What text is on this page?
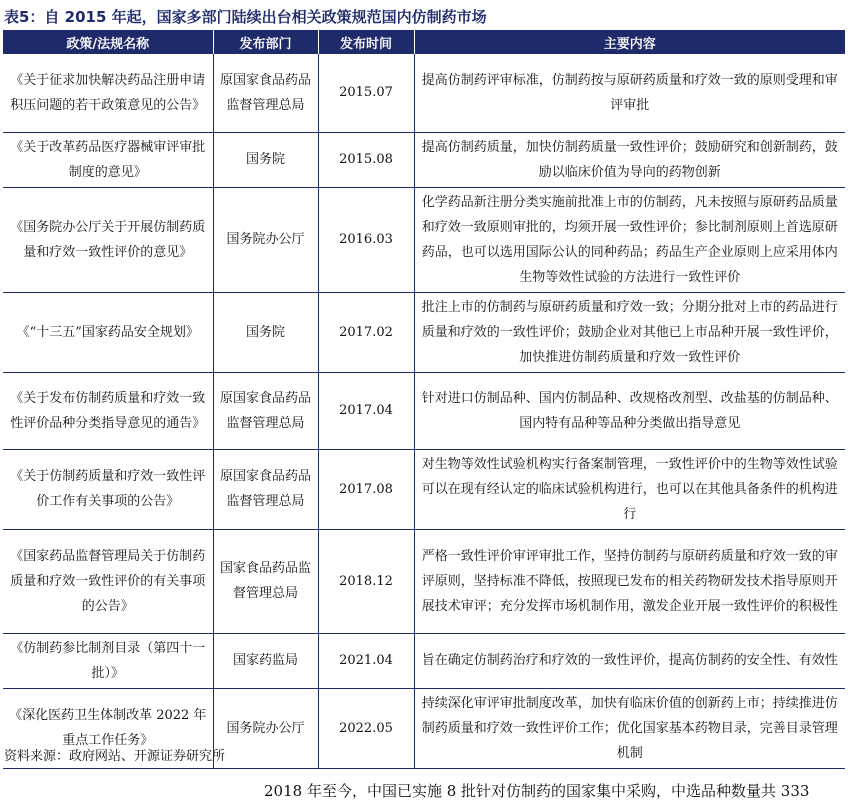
表5：自 2015 年起，国家多部门陆续出台相关政策规范国内仿制药市场
政策/法规名称	发布部门	发布时间	主要内容
《关于征求加快解决药品注册申请积压问题的若干政策意见的公告》	原国家食品药品监督管理总局	2015.07	提高仿制药评审标准，仿制药按与原研药质量和疗效一致的原则受理和审评审批
《关于改革药品医疗器械审评审批制度的意见》	国务院	2015.08	提高仿制药质量，加快仿制药质量一致性评价；鼓励研究和创新制药，鼓励以临床价值为导向的药物创新
《国务院办公厅关于开展仿制药质量和疗效一致性评价的意见》	国务院办公厅	2016.03	化学药品新注册分类实施前批准上市的仿制药，凡未按照与原研药品质量和疗效一致原则审批的，均须开展一致性评价；参比制剂原则上首选原研药品，也可以选用国际公认的同种药品；药品生产企业原则上应采用体内生物等效性试验的方法进行一致性评价
《“十三五”国家药品安全规划》	国务院	2017.02	批注上市的仿制药与原研药质量和疗效一致；分期分批对上市的药品进行质量和疗效的一致性评价；鼓励企业对其他已上市品种开展一致性评价，加快推进仿制药质量和疗效一致性评价
《关于发布仿制药质量和疗效一致性评价品种分类指导意见的通告》	原国家食品药品监督管理总局	2017.04	针对进口仿制品种、国内仿制品种、改规格改剂型、改盐基的仿制品种、国内特有品种等品种分类做出指导意见
《关于仿制药质量和疗效一致性评价工作有关事项的公告》	原国家食品药品监督管理总局	2017.08	对生物等效性试验机构实行备案制管理，一致性评价中的生物等效性试验可以在现有经认定的临床试验机构进行，也可以在其他具备条件的机构进行
《国家药品监督管理局关于仿制药质量和疗效一致性评价的有关事项的公告》	国家食品药品监督管理总局	2018.12	严格一致性评价审评审批工作，坚持仿制药与原研药质量和疗效一致的审评原则，坚持标准不降低，按照现已发布的相关药物研发技术指导原则开展技术审评；充分发挥市场机制作用，激发企业开展一致性评价的积极性
《仿制药参比制剂目录（第四十一批）》	国家药监局	2021.04	旨在确定仿制药治疗和疗效的一致性评价，提高仿制药的安全性、有效性
《深化医药卫生体制改革 2022 年重点工作任务》	国务院办公厅	2022.05	持续深化审评审批制度改革，加快有临床价值的创新药上市；持续推进仿制药质量和疗效一致性评价工作；优化国家基本药物目录，完善目录管理机制
资料来源：政府网站、开源证券研究所
2018 年至今，中国已实施 8 批针对仿制药的国家集中采购，中选品种数量共 333
